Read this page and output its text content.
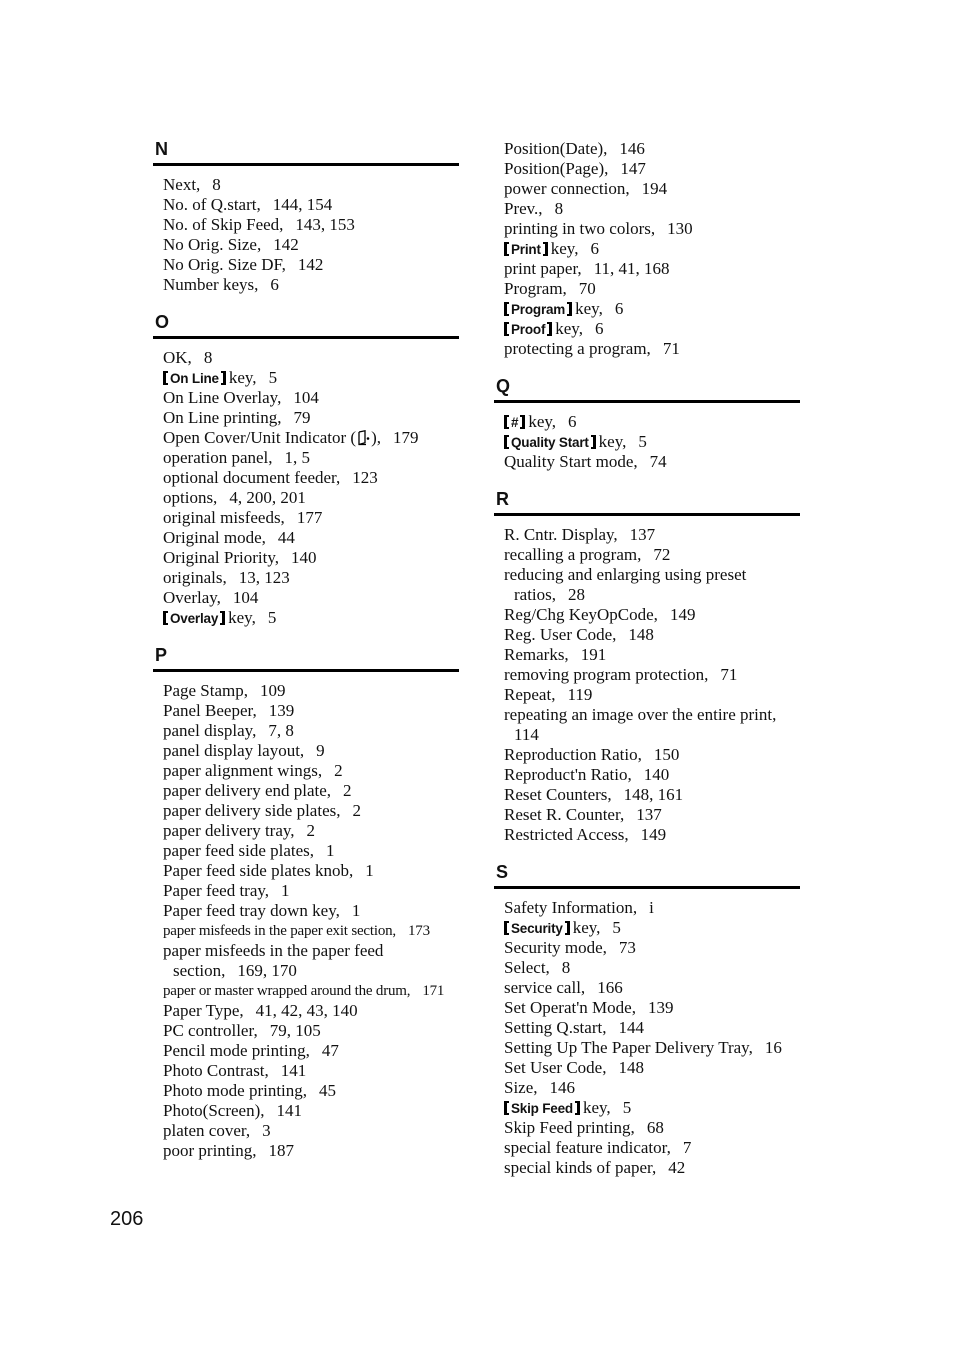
N
Next, 8
No. of Q.start, 144, 154
No. of Skip Feed, 143, 153
No Orig. Size, 142
No Orig. Size DF, 142
Number keys, 6
O
OK, 8
On Line key, 5
On Line Overlay, 104
On Line printing, 79
Open Cover/Unit Indicator ( ), 179
operation panel, 1, 5
optional document feeder, 123
options, 4, 200, 201
original misfeeds, 177
Original mode, 44
Original Priority, 140
originals, 13, 123
Overlay, 104
Overlay key, 5
P
Page Stamp, 109
Panel Beeper, 139
panel display, 7, 8
panel display layout, 9
paper alignment wings, 2
paper delivery end plate, 2
paper delivery side plates, 2
paper delivery tray, 2
paper feed side plates, 1
Paper feed side plates knob, 1
Paper feed tray, 1
Paper feed tray down key, 1
paper misfeeds in the paper exit section, 173
paper misfeeds in the paper feed
section, 169, 170
paper or master wrapped around the drum, 171
Paper Type, 41, 42, 43, 140
PC controller, 79, 105
Pencil mode printing, 47
Photo Contrast, 141
Photo mode printing, 45
Photo(Screen), 141
platen cover, 3
poor printing, 187
Position(Date), 146
Position(Page), 147
power connection, 194
Prev., 8
printing in two colors, 130
Print key, 6
print paper, 11, 41, 168
Program, 70
Program key, 6
Proof key, 6
protecting a program, 71
Q
# key, 6
Quality Start key, 5
Quality Start mode, 74
R
R. Cntr. Display, 137
recalling a program, 72
reducing and enlarging using preset
ratios, 28
Reg/Chg KeyOpCode, 149
Reg. User Code, 148
Remarks, 191
removing program protection, 71
Repeat, 119
repeating an image over the entire print,
114
Reproduction Ratio, 150
Reproduct'n Ratio, 140
Reset Counters, 148, 161
Reset R. Counter, 137
Restricted Access, 149
S
Safety Information, i
Security key, 5
Security mode, 73
Select, 8
service call, 166
Set Operat'n Mode, 139
Setting Q.start, 144
Setting Up The Paper Delivery Tray, 16
Set User Code, 148
Size, 146
Skip Feed key, 5
Skip Feed printing, 68
special feature indicator, 7
special kinds of paper, 42
206
